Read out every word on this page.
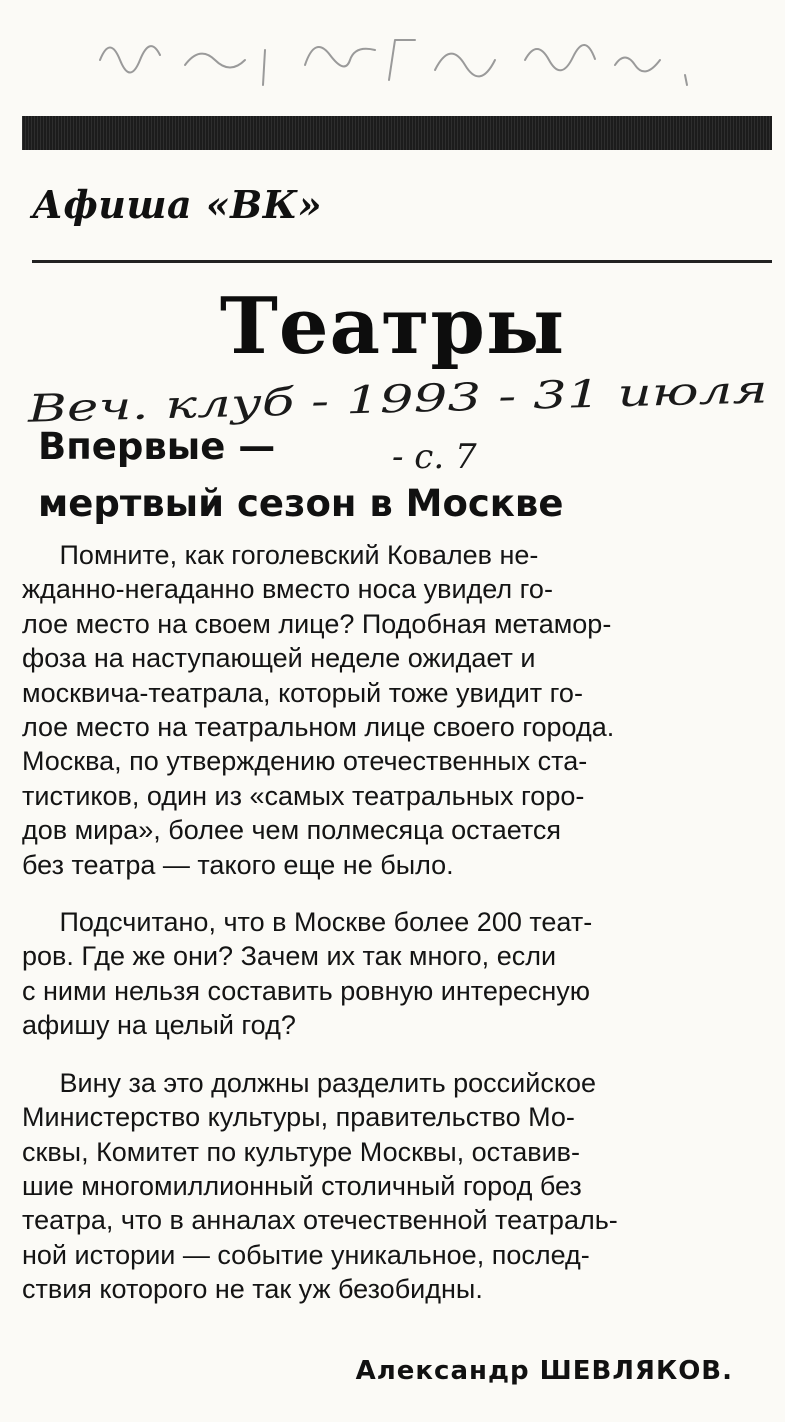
Афиша «ВК»
Театры
Веч. клуб - 1993 - 31 июля
- с. 7
Впервые —
мертвый сезон в Москве

Помните, как гоголевский Ковалев не-
жданно-негаданно вместо носа увидел го-
лое место на своем лице? Подобная метамор-
фоза на наступающей неделе ожидает и
москвича-театрала, который тоже увидит го-
лое место на театральном лице своего города.
Москва, по утверждению отечественных ста-
тистиков, один из «самых театральных горо-
дов мира», более чем полмесяца остается
без театра — такого еще не было.

Подсчитано, что в Москве более 200 теат-
ров. Где же они? Зачем их так много, если
с ними нельзя составить ровную интересную
афишу на целый год?

Вину за это должны разделить российское
Министерство культуры, правительство Мо-
сквы, Комитет по культуре Москвы, оставив-
шие многомиллионный столичный город без
театра, что в анналах отечественной театраль-
ной истории — событие уникальное, послед-
ствия которого не так уж безобидны.

Александр ШЕВЛЯКОВ.
